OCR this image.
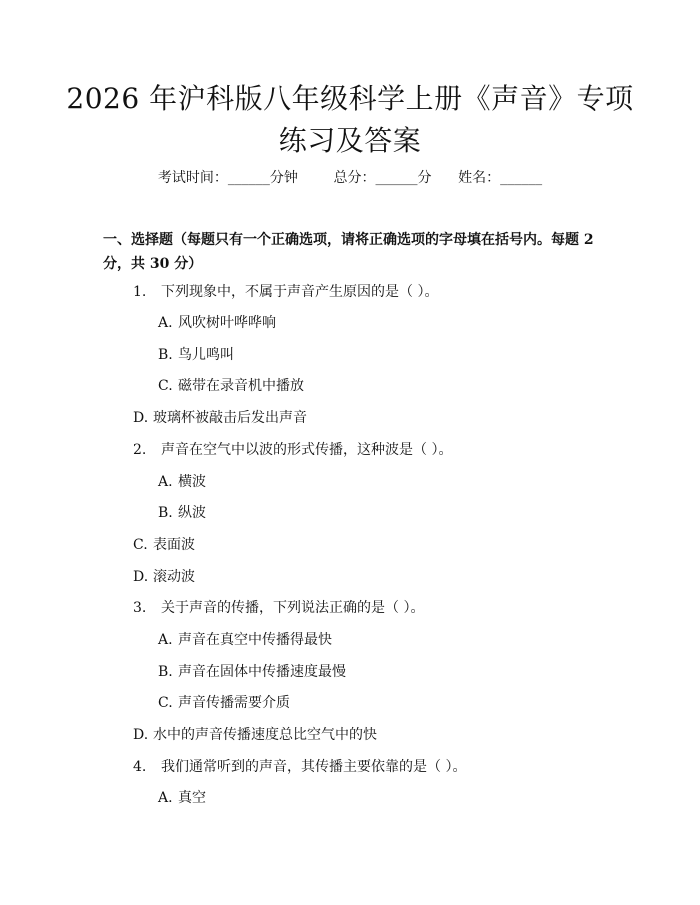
2026 年沪科版八年级科学上册《声音》专项练习及答案
考试时间：______分钟	总分：______分 姓名：______
一、选择题（每题只有一个正确选项，请将正确选项的字母填在括号内。每题 2 分，共 30 分）
1. 下列现象中，不属于声音产生原因的是（ ）。
A. 风吹树叶哗哗响
B. 鸟儿鸣叫
C. 磁带在录音机中播放
D. 玻璃杯被敲击后发出声音
2. 声音在空气中以波的形式传播，这种波是（ ）。
A. 横波
B. 纵波
C. 表面波
D. 滚动波
3. 关于声音的传播，下列说法正确的是（ ）。
A. 声音在真空中传播得最快
B. 声音在固体中传播速度最慢
C. 声音传播需要介质
D. 水中的声音传播速度总比空气中的快
4. 我们通常听到的声音，其传播主要依靠的是（ ）。
A. 真空
